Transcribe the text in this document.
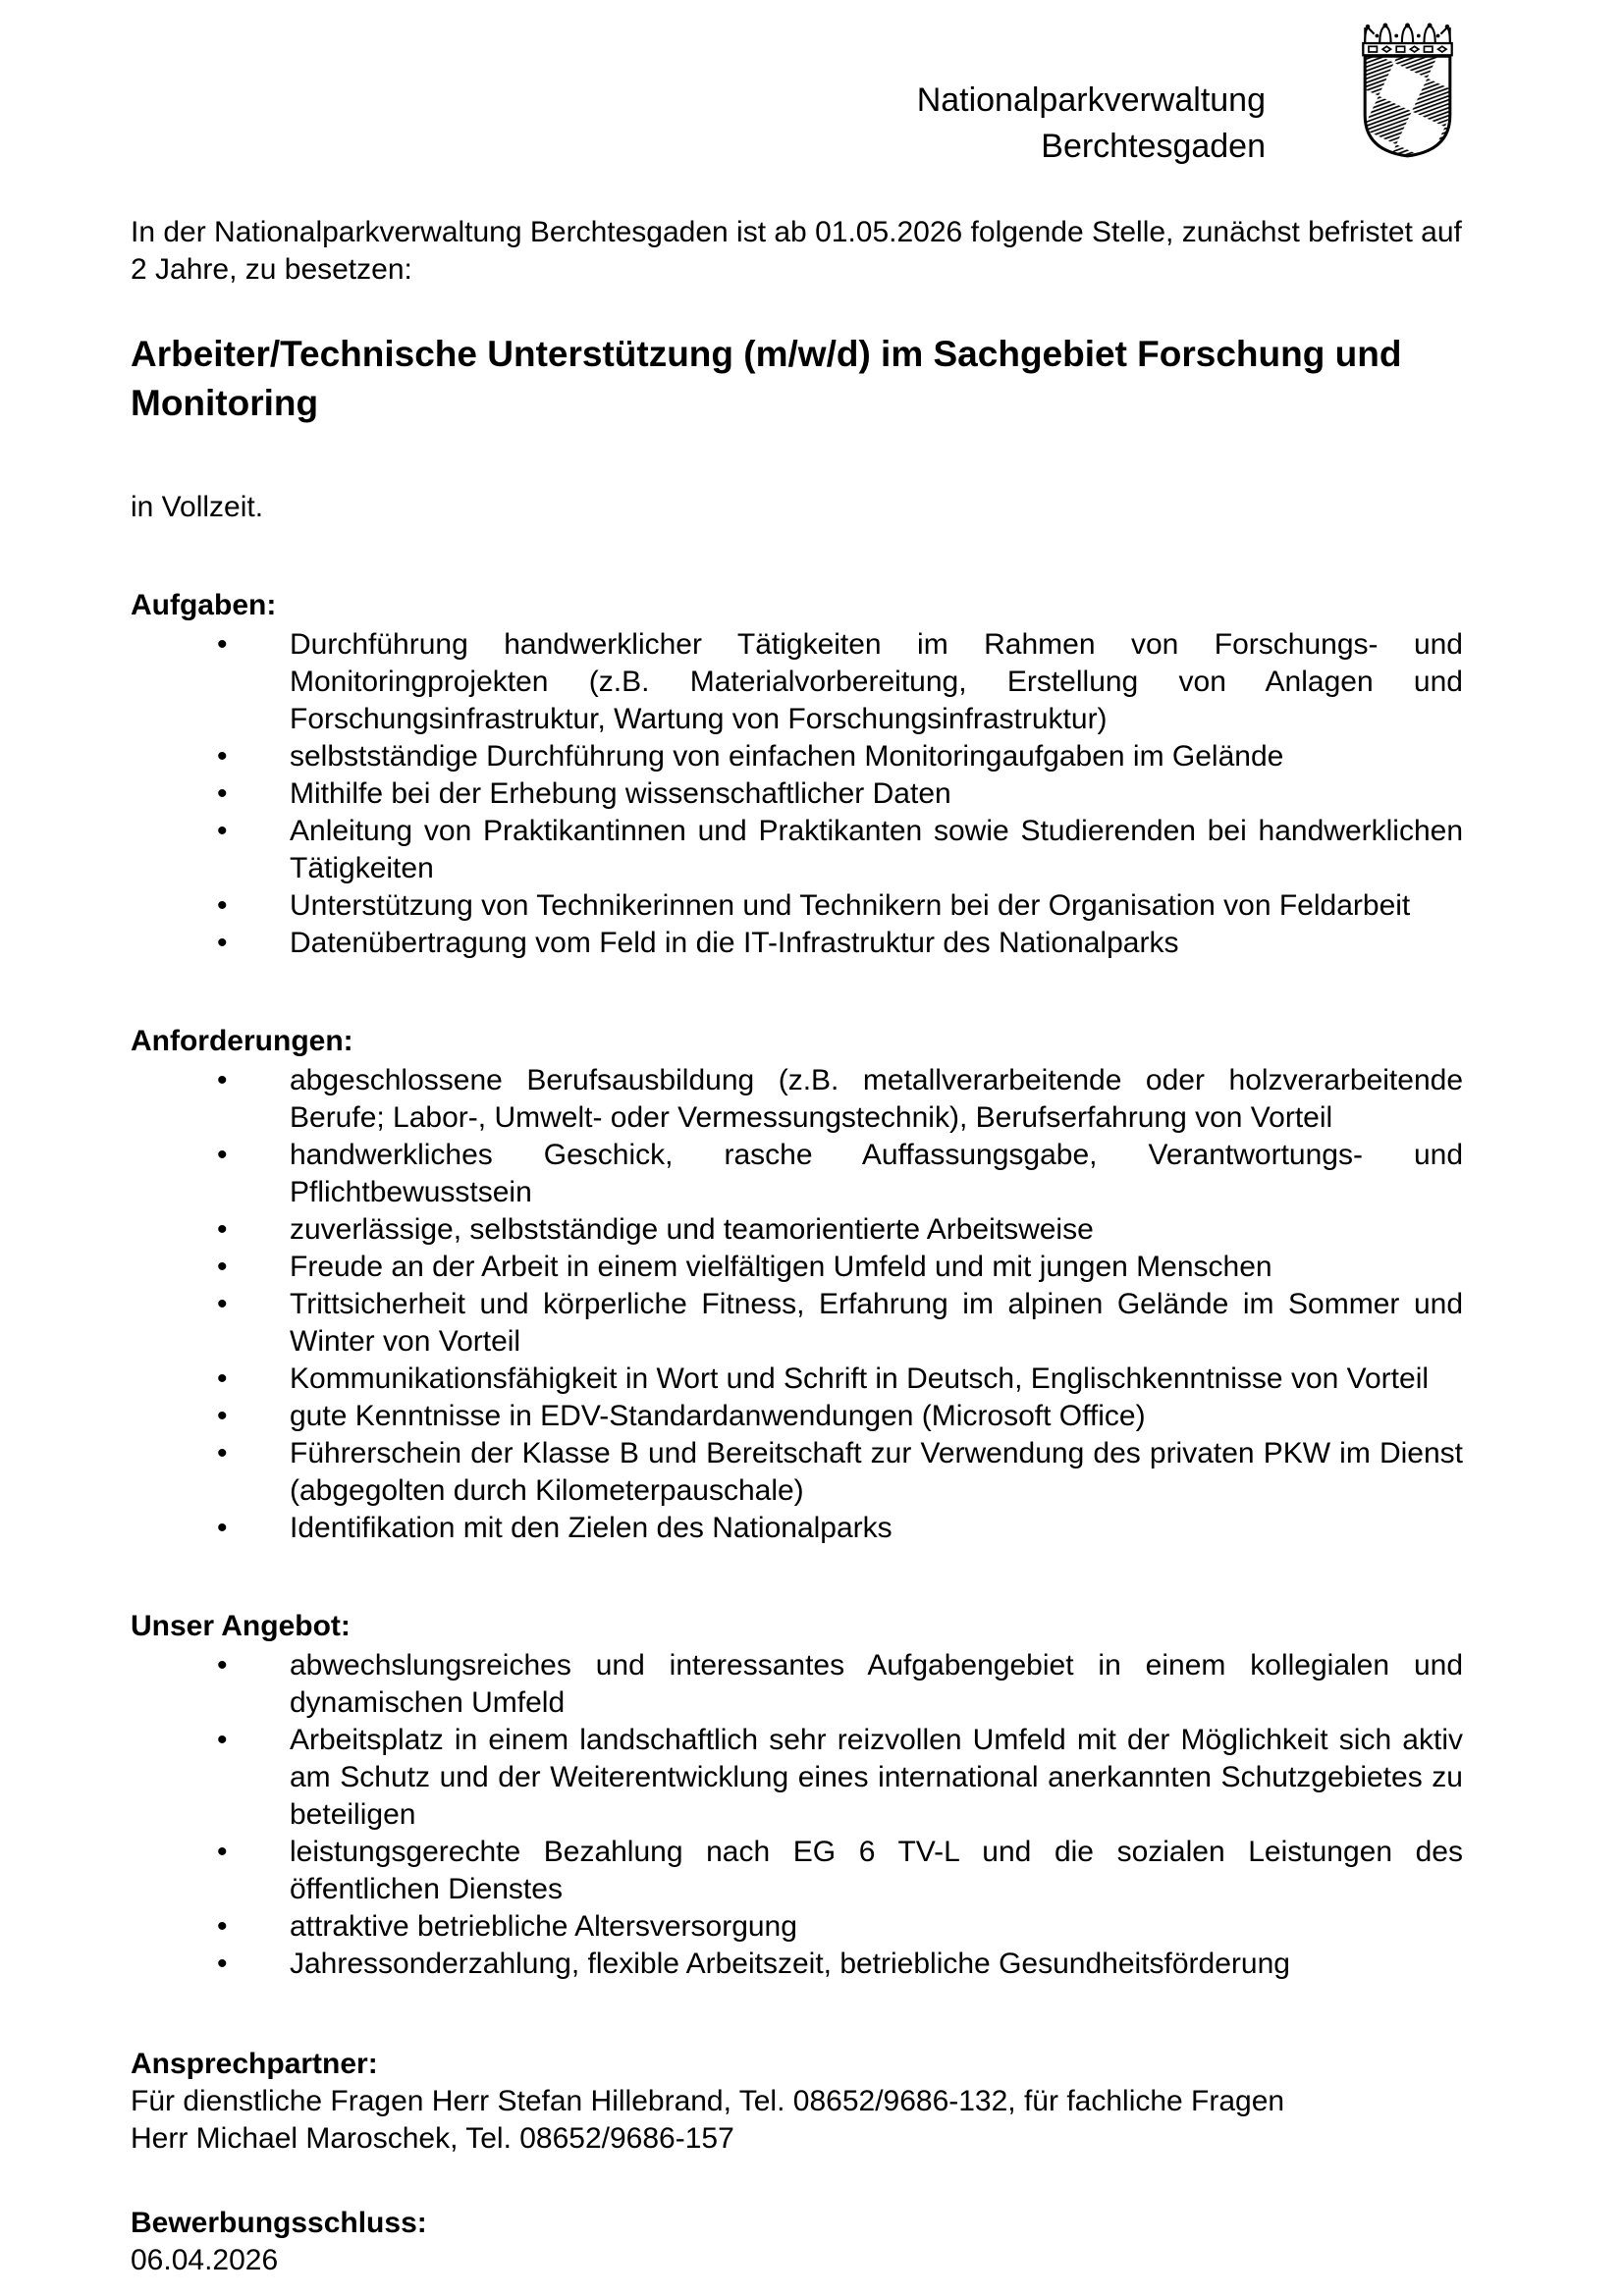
Nationalparkverwaltung
Berchtesgaden

In der Nationalparkverwaltung Berchtesgaden ist ab 01.05.2026 folgende Stelle, zunächst befristet auf 2 Jahre, zu besetzen:

Arbeiter/Technische Unterstützung (m/w/d) im Sachgebiet Forschung und Monitoring

in Vollzeit.

Aufgaben:

• Durchführung handwerklicher Tätigkeiten im Rahmen von Forschungs- und Monitoringprojekten (z.B. Materialvorbereitung, Erstellung von Anlagen und Forschungsinfrastruktur, Wartung von Forschungsinfrastruktur)
• selbstständige Durchführung von einfachen Monitoringaufgaben im Gelände
• Mithilfe bei der Erhebung wissenschaftlicher Daten
• Anleitung von Praktikantinnen und Praktikanten sowie Studierenden bei handwerklichen Tätigkeiten
• Unterstützung von Technikerinnen und Technikern bei der Organisation von Feldarbeit
• Datenübertragung vom Feld in die IT-Infrastruktur des Nationalparks

Anforderungen:

• abgeschlossene Berufsausbildung (z.B. metallverarbeitende oder holzverarbeitende Berufe; Labor-, Umwelt- oder Vermessungstechnik), Berufserfahrung von Vorteil
• handwerkliches Geschick, rasche Auffassungsgabe, Verantwortungs- und Pflichtbewusstsein
• zuverlässige, selbstständige und teamorientierte Arbeitsweise
• Freude an der Arbeit in einem vielfältigen Umfeld und mit jungen Menschen
• Trittsicherheit und körperliche Fitness, Erfahrung im alpinen Gelände im Sommer und Winter von Vorteil
• Kommunikationsfähigkeit in Wort und Schrift in Deutsch, Englischkenntnisse von Vorteil
• gute Kenntnisse in EDV-Standardanwendungen (Microsoft Office)
• Führerschein der Klasse B und Bereitschaft zur Verwendung des privaten PKW im Dienst (abgegolten durch Kilometerpauschale)
• Identifikation mit den Zielen des Nationalparks

Unser Angebot:

• abwechslungsreiches und interessantes Aufgabengebiet in einem kollegialen und dynamischen Umfeld
• Arbeitsplatz in einem landschaftlich sehr reizvollen Umfeld mit der Möglichkeit sich aktiv am Schutz und der Weiterentwicklung eines international anerkannten Schutzgebietes zu beteiligen
• leistungsgerechte Bezahlung nach EG 6 TV-L und die sozialen Leistungen des öffentlichen Dienstes
• attraktive betriebliche Altersversorgung
• Jahressonderzahlung, flexible Arbeitszeit, betriebliche Gesundheitsförderung

Ansprechpartner:

Für dienstliche Fragen Herr Stefan Hillebrand, Tel. 08652/9686-132, für fachliche Fragen
Herr Michael Maroschek, Tel. 08652/9686-157

Bewerbungsschluss:

06.04.2026
